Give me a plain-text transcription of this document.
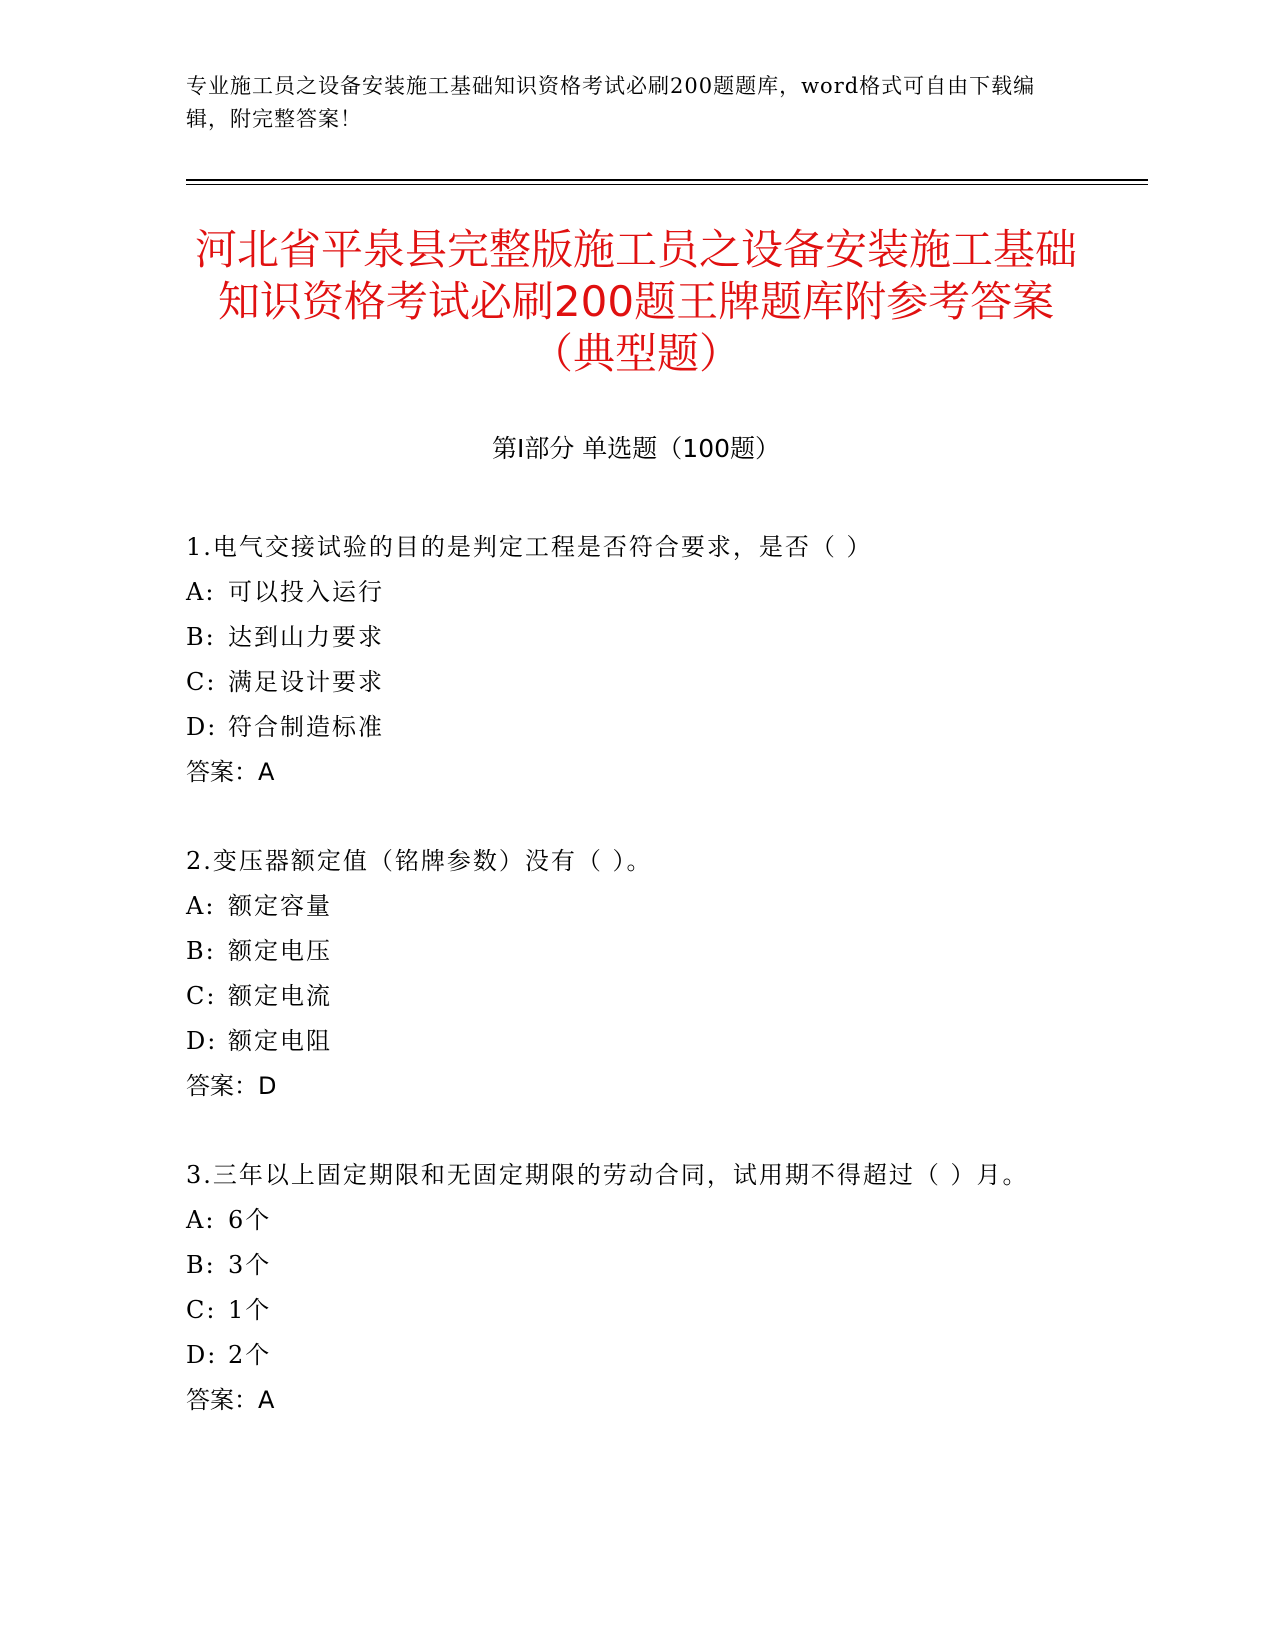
专业施工员之设备安装施工基础知识资格考试必刷200题题库，word格式可自由下载编辑，附完整答案！
河北省平泉县完整版施工员之设备安装施工基础知识资格考试必刷200题王牌题库附参考答案（典型题）
第I部分 单选题（100题）
1.电气交接试验的目的是判定工程是否符合要求，是否（ ）
A: 可以投入运行
B: 达到山力要求
C: 满足设计要求
D: 符合制造标准
答案：A
2.变压器额定值（铭牌参数）没有（ ）。
A: 额定容量
B: 额定电压
C: 额定电流
D: 额定电阻
答案：D
3.三年以上固定期限和无固定期限的劳动合同，试用期不得超过（ ）月。
A: 6个
B: 3个
C: 1个
D: 2个
答案：A
